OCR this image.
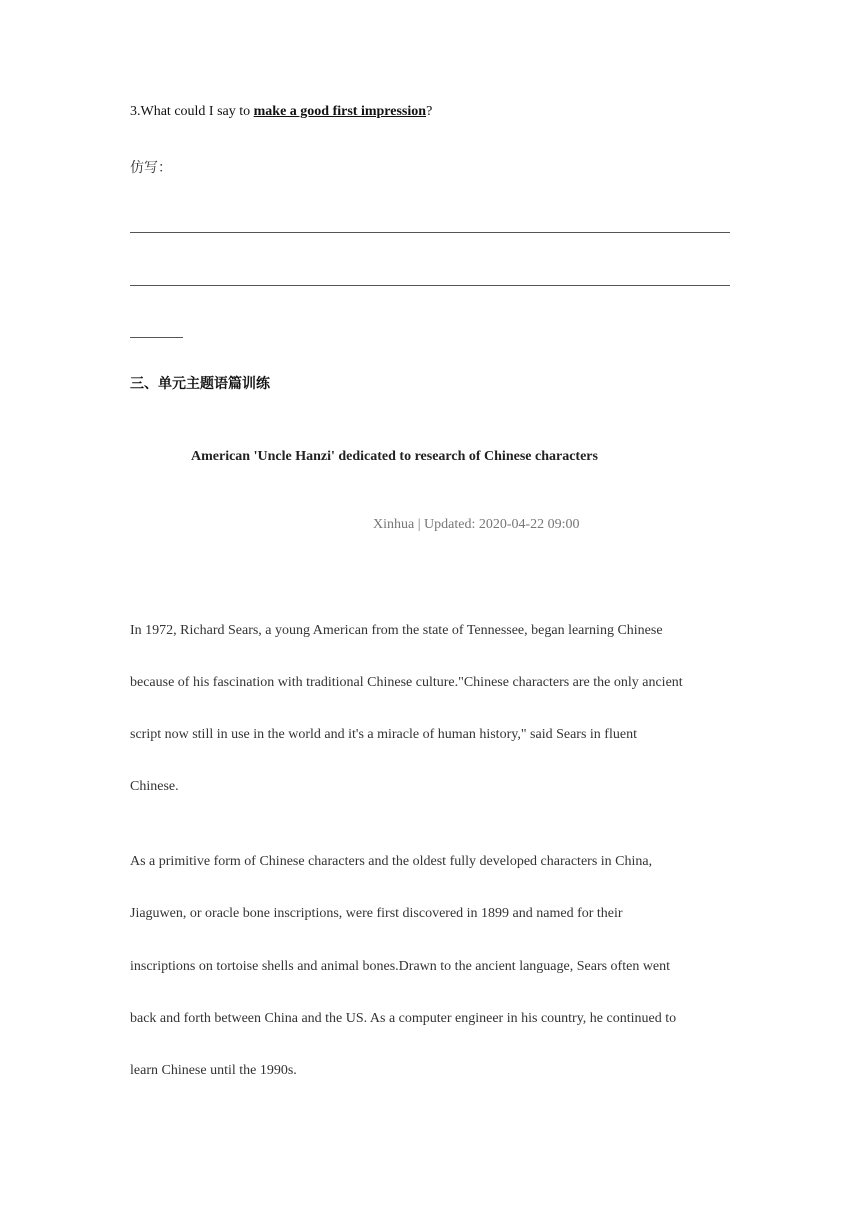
3.What could I say to make a good first impression?

仿写：

三、单元主题语篇训练
American 'Uncle Hanzi' dedicated to research of Chinese characters

Xinhua | Updated: 2020-04-22 09:00

In 1972, Richard Sears, a young American from the state of Tennessee, began learning Chinese

because of his fascination with traditional Chinese culture."Chinese characters are the only ancient

script now still in use in the world and it's a miracle of human history," said Sears in fluent

Chinese.

As a primitive form of Chinese characters and the oldest fully developed characters in China,

Jiaguwen, or oracle bone inscriptions, were first discovered in 1899 and named for their

inscriptions on tortoise shells and animal bones.Drawn to the ancient language, Sears often went

back and forth between China and the US. As a computer engineer in his country, he continued to

learn Chinese until the 1990s.
